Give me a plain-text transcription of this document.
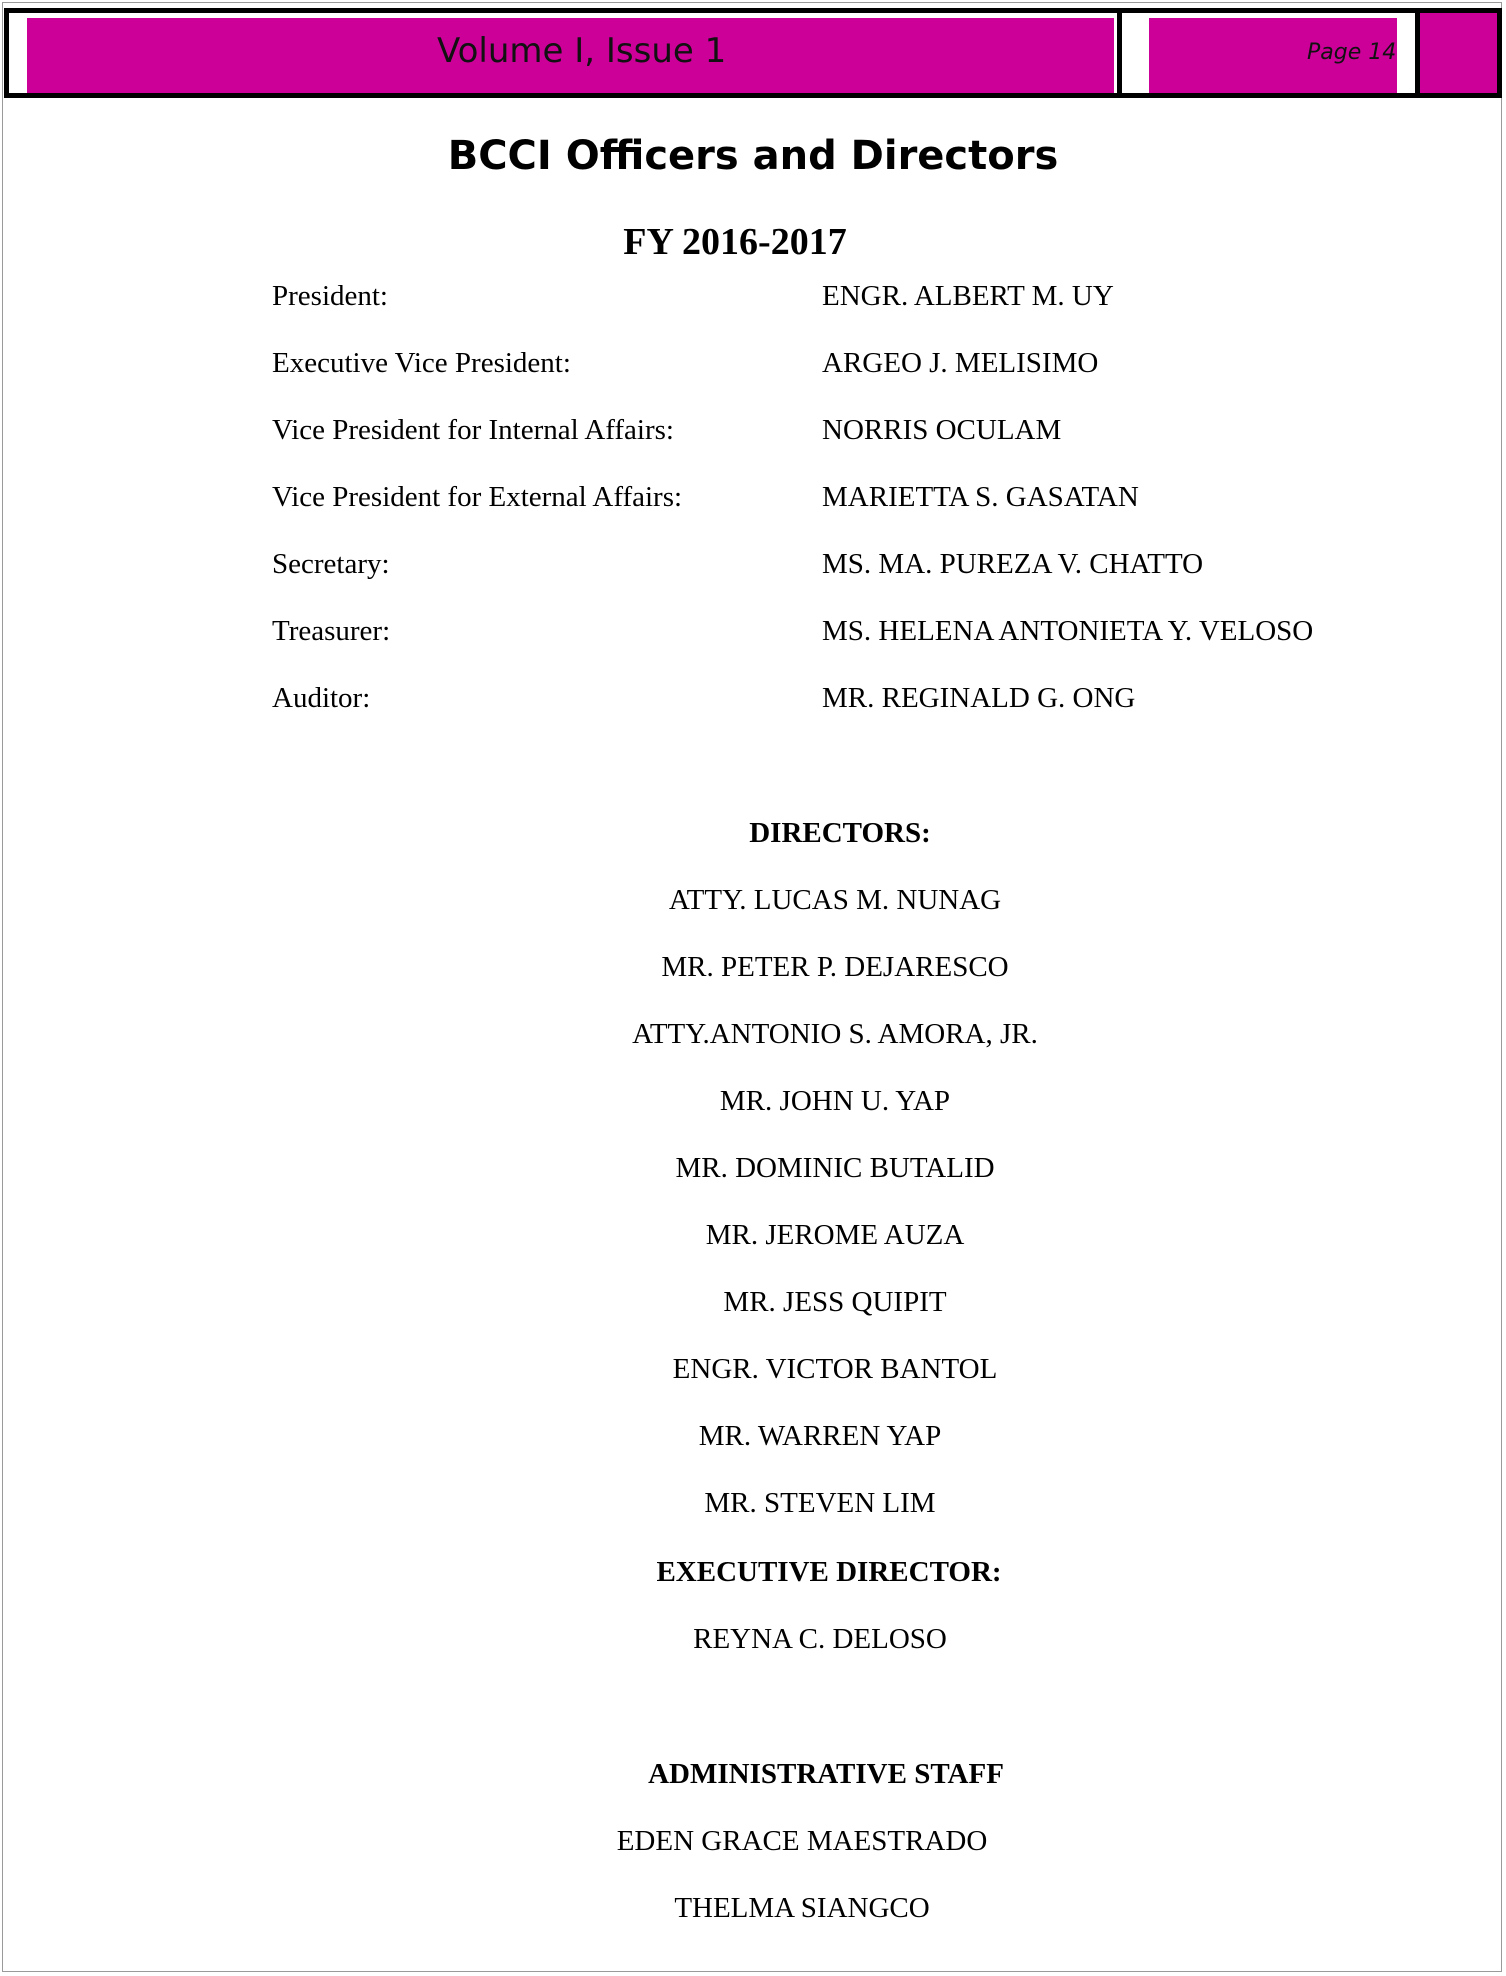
Volume I, Issue 1	Page 14
BCCI Officers and Directors
FY 2016-2017
President:	ENGR. ALBERT M. UY
Executive Vice President:	ARGEO J. MELISIMO
Vice President for Internal Affairs:	NORRIS OCULAM
Vice President for External Affairs:	MARIETTA S. GASATAN
Secretary:	MS. MA. PUREZA V. CHATTO
Treasurer:	MS. HELENA ANTONIETA Y. VELOSO
Auditor:	MR. REGINALD G. ONG

DIRECTORS:

ATTY. LUCAS M. NUNAG

MR. PETER P. DEJARESCO

ATTY.ANTONIO S. AMORA, JR.

MR. JOHN U. YAP

MR. DOMINIC BUTALID

MR. JEROME AUZA

MR. JESS QUIPIT

ENGR. VICTOR BANTOL

MR. WARREN YAP

MR. STEVEN LIM

EXECUTIVE DIRECTOR:

REYNA C. DELOSO

ADMINISTRATIVE STAFF

EDEN GRACE MAESTRADO

THELMA SIANGCO
